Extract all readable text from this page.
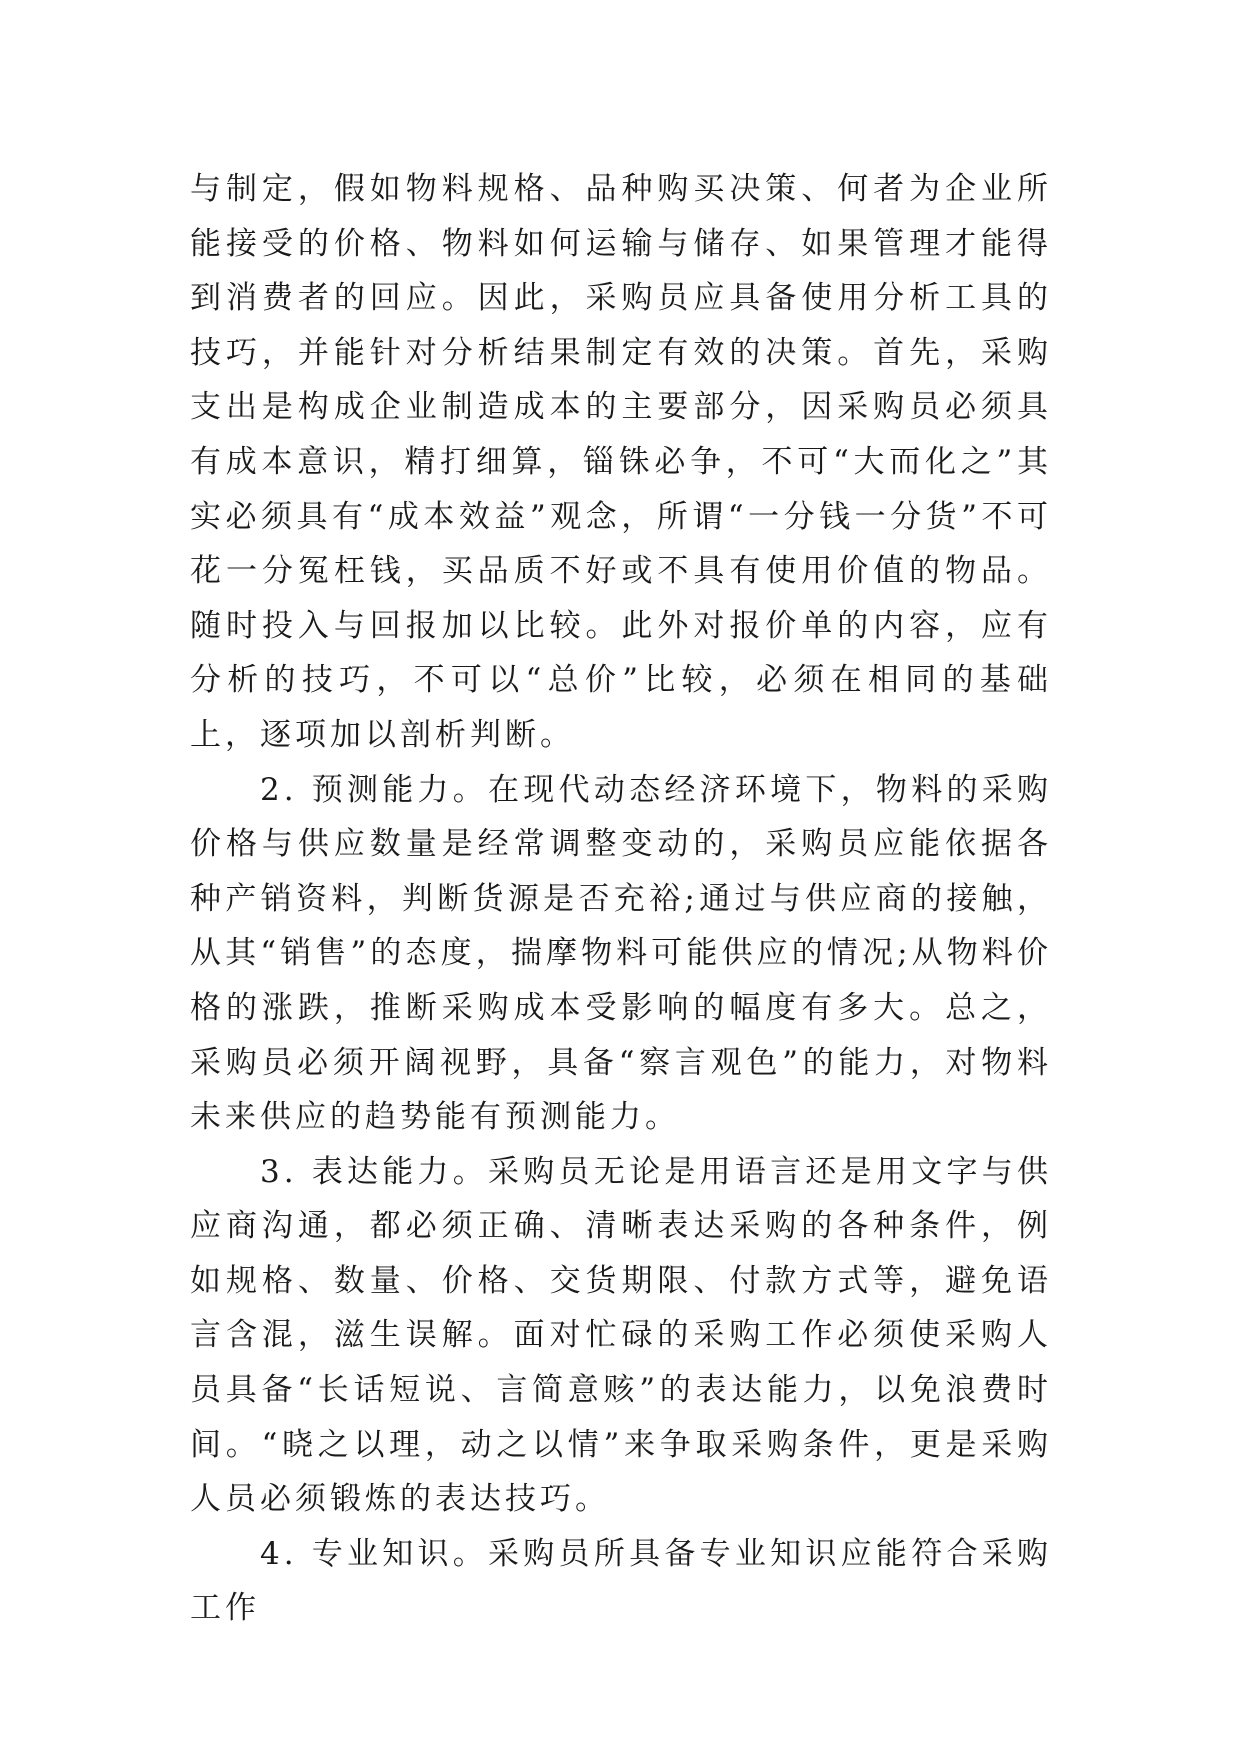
与制定，假如物料规格、品种购买决策、何者为企业所能接受的价格、物料如何运输与储存、如果管理才能得到消费者的回应。因此，采购员应具备使用分析工具的技巧，并能针对分析结果制定有效的决策。首先，采购支出是构成企业制造成本的主要部分，因采购员必须具有成本意识，精打细算，锱铢必争，不可“大而化之”其实必须具有“成本效益”观念，所谓“一分钱一分货”不可花一分冤枉钱，买品质不好或不具有使用价值的物品。随时投入与回报加以比较。此外对报价单的内容，应有分析的技巧，不可以“总价”比较，必须在相同的基础上，逐项加以剖析判断。

2. 预测能力。在现代动态经济环境下，物料的采购价格与供应数量是经常调整变动的，采购员应能依据各种产销资料，判断货源是否充裕;通过与供应商的接触，从其“销售”的态度，揣摩物料可能供应的情况;从物料价格的涨跌，推断采购成本受影响的幅度有多大。总之，采购员必须开阔视野，具备“察言观色”的能力，对物料未来供应的趋势能有预测能力。

3. 表达能力。采购员无论是用语言还是用文字与供应商沟通，都必须正确、清晰表达采购的各种条件，例如规格、数量、价格、交货期限、付款方式等，避免语言含混，滋生误解。面对忙碌的采购工作必须使采购人员具备“长话短说、言简意赅”的表达能力，以免浪费时间。“晓之以理，动之以情”来争取采购条件，更是采购人员必须锻炼的表达技巧。

4. 专业知识。采购员所具备专业知识应能符合采购工作
